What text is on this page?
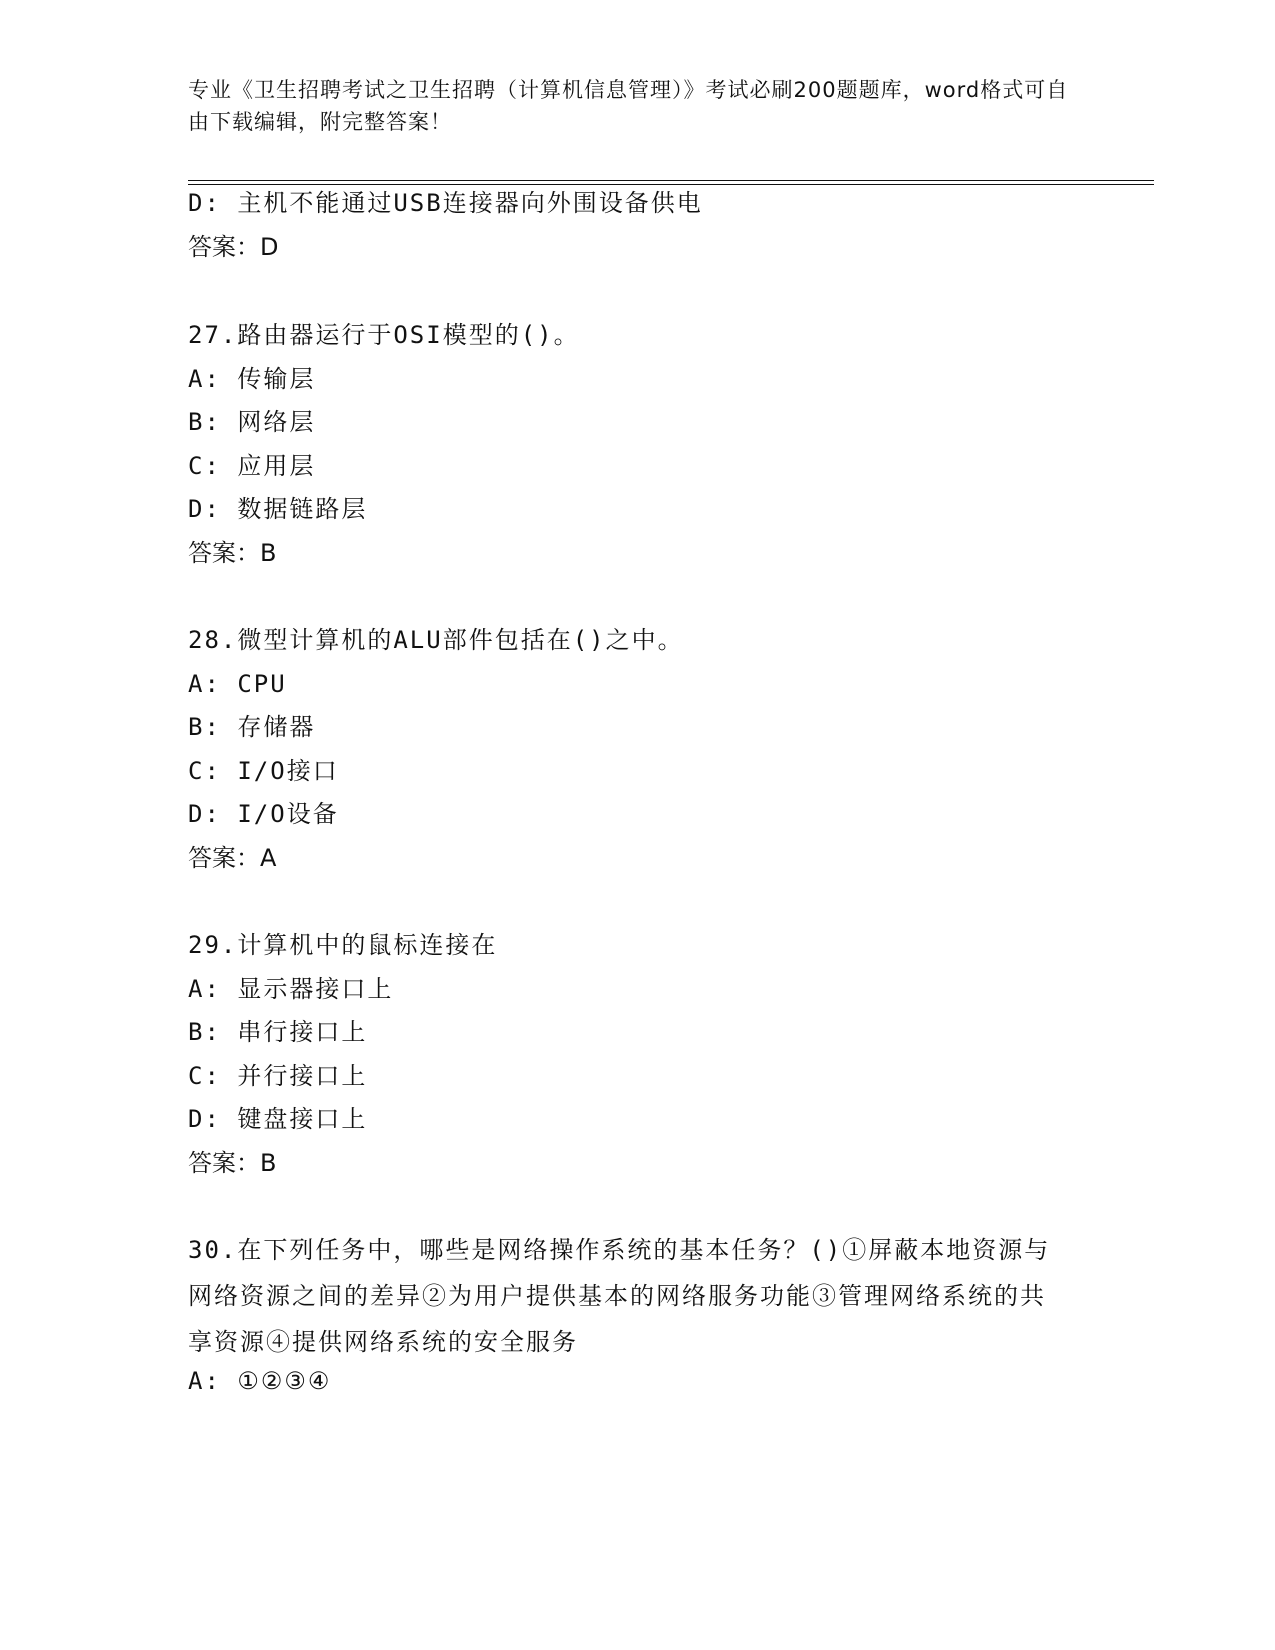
专业《卫生招聘考试之卫生招聘（计算机信息管理）》考试必刷200题题库，word格式可自由下载编辑，附完整答案！
D: 主机不能通过USB连接器向外围设备供电
答案：D
27.路由器运行于OSI模型的()。
A: 传输层
B: 网络层
C: 应用层
D: 数据链路层
答案：B
28.微型计算机的ALU部件包括在()之中。
A: CPU
B: 存储器
C: I/O接口
D: I/O设备
答案：A
29.计算机中的鼠标连接在
A: 显示器接口上
B: 串行接口上
C: 并行接口上
D: 键盘接口上
答案：B
30.在下列任务中，哪些是网络操作系统的基本任务？()①屏蔽本地资源与网络资源之间的差异②为用户提供基本的网络服务功能③管理网络系统的共享资源④提供网络系统的安全服务
A: ①②③④
